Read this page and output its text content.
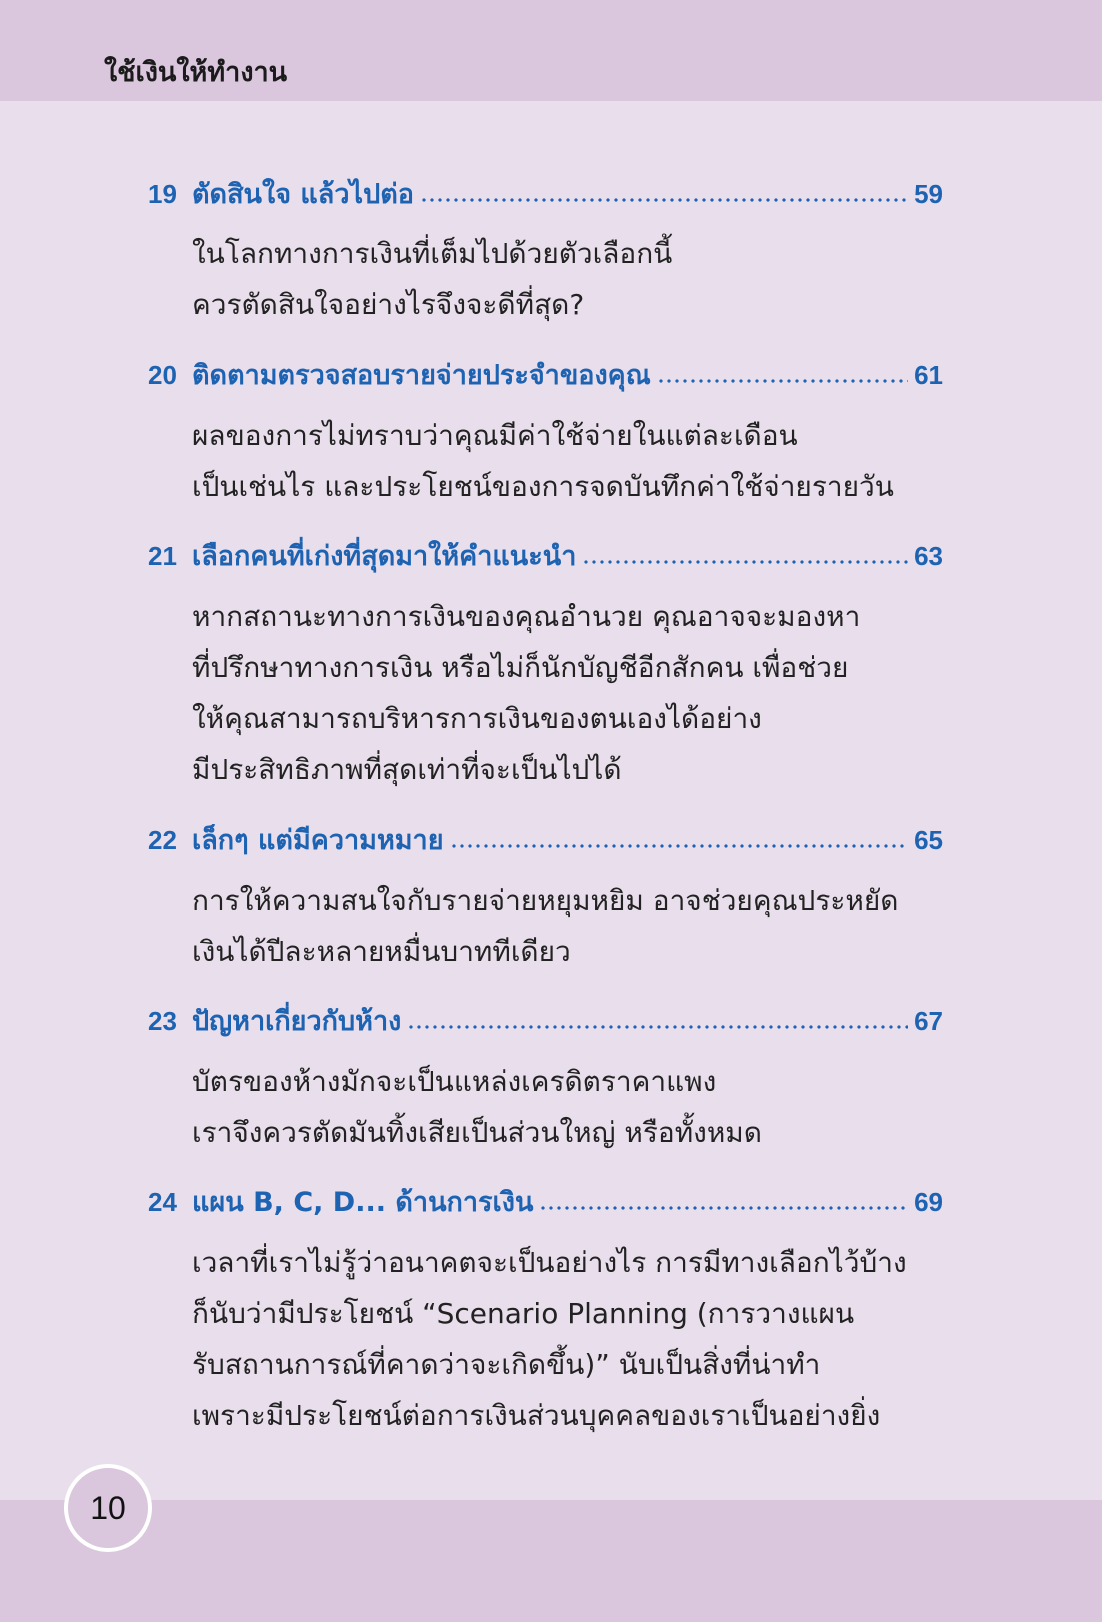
ใช้เงินให้ทำงาน
19 ตัดสินใจ แล้วไปต่อ	59
ในโลกทางการเงินที่เต็มไปด้วยตัวเลือกนี้
ควรตัดสินใจอย่างไรจึงจะดีที่สุด?
20 ติดตามตรวจสอบรายจ่ายประจำของคุณ	61
ผลของการไม่ทราบว่าคุณมีค่าใช้จ่ายในแต่ละเดือน
เป็นเช่นไร และประโยชน์ของการจดบันทึกค่าใช้จ่ายรายวัน
21 เลือกคนที่เก่งที่สุดมาให้คำแนะนำ	63
หากสถานะทางการเงินของคุณอำนวย คุณอาจจะมองหา
ที่ปรึกษาทางการเงิน หรือไม่ก็นักบัญชีอีกสักคน เพื่อช่วย
ให้คุณสามารถบริหารการเงินของตนเองได้อย่าง
มีประสิทธิภาพที่สุดเท่าที่จะเป็นไปได้
22 เล็กๆ แต่มีความหมาย	65
การให้ความสนใจกับรายจ่ายหยุมหยิม อาจช่วยคุณประหยัด
เงินได้ปีละหลายหมื่นบาททีเดียว
23 ปัญหาเกี่ยวกับห้าง	67
บัตรของห้างมักจะเป็นแหล่งเครดิตราคาแพง
เราจึงควรตัดมันทิ้งเสียเป็นส่วนใหญ่ หรือทั้งหมด
24 แผน B, C, D... ด้านการเงิน	69
เวลาที่เราไม่รู้ว่าอนาคตจะเป็นอย่างไร การมีทางเลือกไว้บ้าง
ก็นับว่ามีประโยชน์ “Scenario Planning (การวางแผน
รับสถานการณ์ที่คาดว่าจะเกิดขึ้น)” นับเป็นสิ่งที่น่าทำ
เพราะมีประโยชน์ต่อการเงินส่วนบุคคลของเราเป็นอย่างยิ่ง
10
